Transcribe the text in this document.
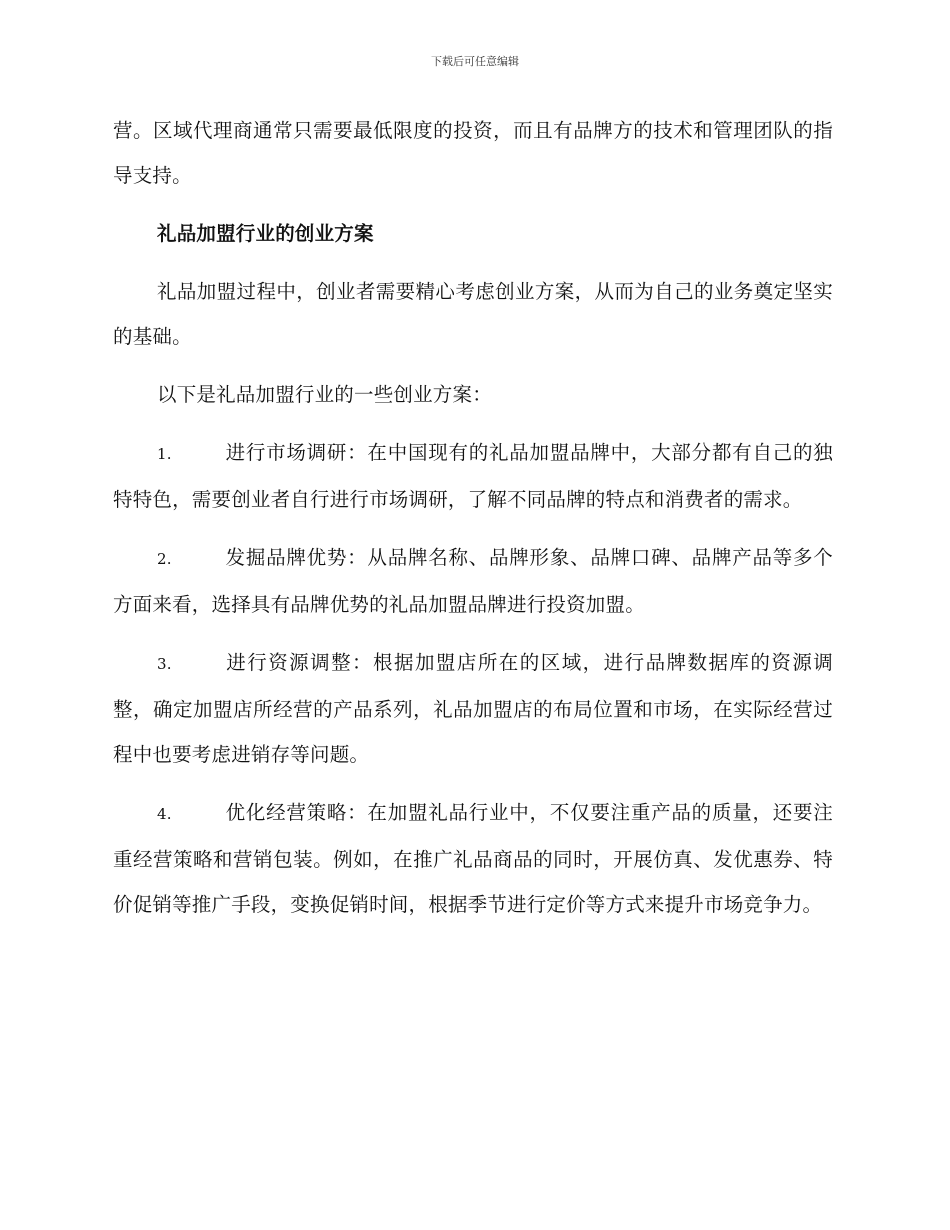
下载后可任意编辑

营。区域代理商通常只需要最低限度的投资，而且有品牌方的技术和管理团队的指导支持。

礼品加盟行业的创业方案

礼品加盟过程中，创业者需要精心考虑创业方案，从而为自己的业务奠定坚实的基础。

以下是礼品加盟行业的一些创业方案：

1.	进行市场调研：在中国现有的礼品加盟品牌中，大部分都有自己的独特特色，需要创业者自行进行市场调研，了解不同品牌的特点和消费者的需求。

2.	发掘品牌优势：从品牌名称、品牌形象、品牌口碑、品牌产品等多个方面来看，选择具有品牌优势的礼品加盟品牌进行投资加盟。

3.	进行资源调整：根据加盟店所在的区域，进行品牌数据库的资源调整，确定加盟店所经营的产品系列，礼品加盟店的布局位置和市场，在实际经营过程中也要考虑进销存等问题。

4.	优化经营策略：在加盟礼品行业中，不仅要注重产品的质量，还要注重经营策略和营销包装。例如，在推广礼品商品的同时，开展仿真、发优惠券、特价促销等推广手段，变换促销时间，根据季节进行定价等方式来提升市场竞争力。
